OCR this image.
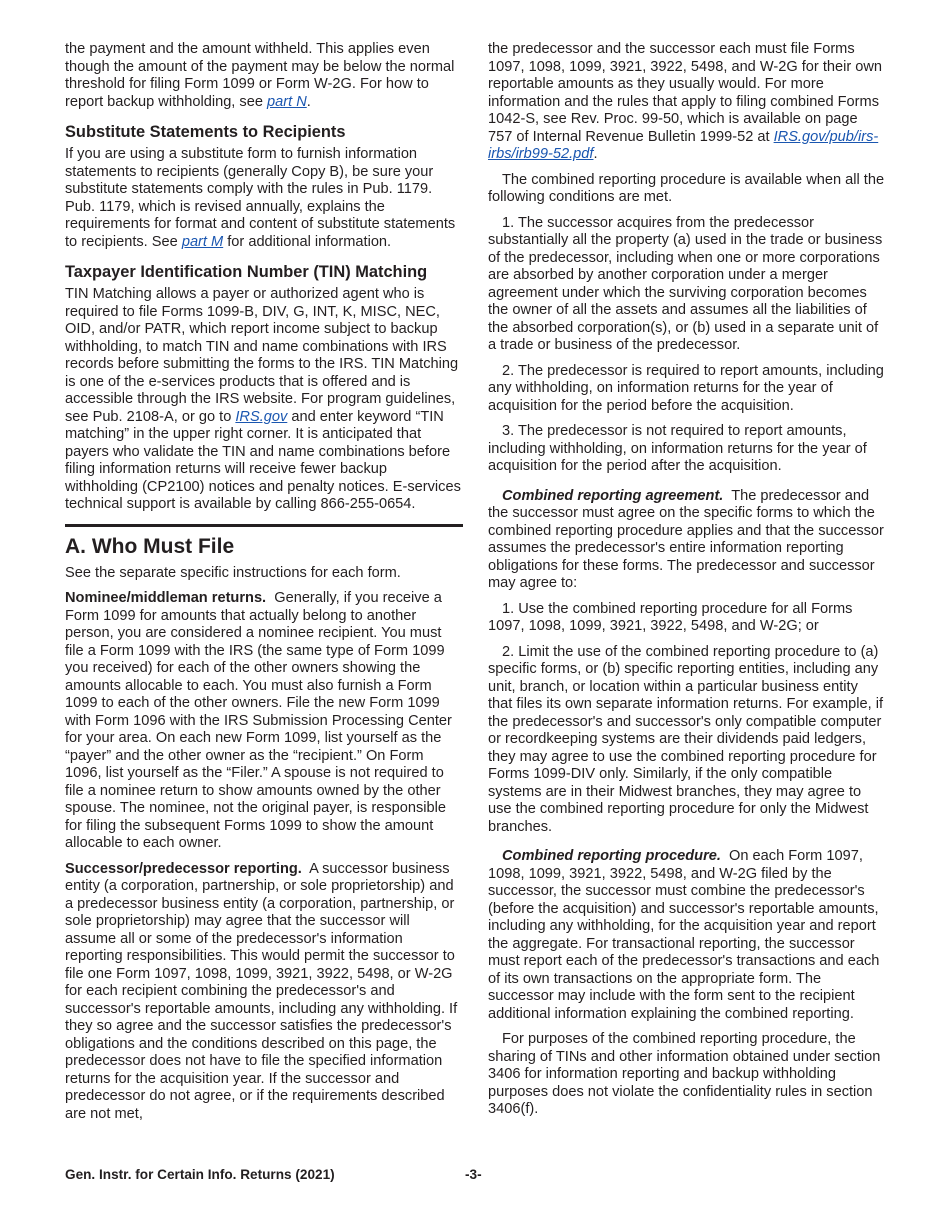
the payment and the amount withheld. This applies even though the amount of the payment may be below the normal threshold for filing Form 1099 or Form W-2G. For how to report backup withholding, see part N.

Substitute Statements to Recipients

If you are using a substitute form to furnish information statements to recipients (generally Copy B), be sure your substitute statements comply with the rules in Pub. 1179. Pub. 1179, which is revised annually, explains the requirements for format and content of substitute statements to recipients. See part M for additional information.

Taxpayer Identification Number (TIN) Matching

TIN Matching allows a payer or authorized agent who is required to file Forms 1099-B, DIV, G, INT, K, MISC, NEC, OID, and/or PATR, which report income subject to backup withholding, to match TIN and name combinations with IRS records before submitting the forms to the IRS. TIN Matching is one of the e-services products that is offered and is accessible through the IRS website. For program guidelines, see Pub. 2108-A, or go to IRS.gov and enter keyword “TIN matching” in the upper right corner. It is anticipated that payers who validate the TIN and name combinations before filing information returns will receive fewer backup withholding (CP2100) notices and penalty notices. E-services technical support is available by calling 866-255-0654.

A. Who Must File

See the separate specific instructions for each form.

Nominee/middleman returns. Generally, if you receive a Form 1099 for amounts that actually belong to another person, you are considered a nominee recipient. You must file a Form 1099 with the IRS (the same type of Form 1099 you received) for each of the other owners showing the amounts allocable to each. You must also furnish a Form 1099 to each of the other owners. File the new Form 1099 with Form 1096 with the IRS Submission Processing Center for your area. On each new Form 1099, list yourself as the “payer” and the other owner as the “recipient.” On Form 1096, list yourself as the “Filer.” A spouse is not required to file a nominee return to show amounts owned by the other spouse. The nominee, not the original payer, is responsible for filing the subsequent Forms 1099 to show the amount allocable to each owner.

Successor/predecessor reporting. A successor business entity (a corporation, partnership, or sole proprietorship) and a predecessor business entity (a corporation, partnership, or sole proprietorship) may agree that the successor will assume all or some of the predecessor's information reporting responsibilities. This would permit the successor to file one Form 1097, 1098, 1099, 3921, 3922, 5498, or W-2G for each recipient combining the predecessor's and successor's reportable amounts, including any withholding. If they so agree and the successor satisfies the predecessor's obligations and the conditions described on this page, the predecessor does not have to file the specified information returns for the acquisition year. If the successor and predecessor do not agree, or if the requirements described are not met,

the predecessor and the successor each must file Forms 1097, 1098, 1099, 3921, 3922, 5498, and W-2G for their own reportable amounts as they usually would. For more information and the rules that apply to filing combined Forms 1042-S, see Rev. Proc. 99-50, which is available on page 757 of Internal Revenue Bulletin 1999-52 at IRS.gov/pub/irs-irbs/irb99-52.pdf.

The combined reporting procedure is available when all the following conditions are met.

1. The successor acquires from the predecessor substantially all the property (a) used in the trade or business of the predecessor, including when one or more corporations are absorbed by another corporation under a merger agreement under which the surviving corporation becomes the owner of all the assets and assumes all the liabilities of the absorbed corporation(s), or (b) used in a separate unit of a trade or business of the predecessor.

2. The predecessor is required to report amounts, including any withholding, on information returns for the year of acquisition for the period before the acquisition.

3. The predecessor is not required to report amounts, including withholding, on information returns for the year of acquisition for the period after the acquisition.

Combined reporting agreement. The predecessor and the successor must agree on the specific forms to which the combined reporting procedure applies and that the successor assumes the predecessor's entire information reporting obligations for these forms. The predecessor and successor may agree to:

1. Use the combined reporting procedure for all Forms 1097, 1098, 1099, 3921, 3922, 5498, and W-2G; or

2. Limit the use of the combined reporting procedure to (a) specific forms, or (b) specific reporting entities, including any unit, branch, or location within a particular business entity that files its own separate information returns. For example, if the predecessor's and successor's only compatible computer or recordkeeping systems are their dividends paid ledgers, they may agree to use the combined reporting procedure for Forms 1099-DIV only. Similarly, if the only compatible systems are in their Midwest branches, they may agree to use the combined reporting procedure for only the Midwest branches.

Combined reporting procedure. On each Form 1097, 1098, 1099, 3921, 3922, 5498, and W-2G filed by the successor, the successor must combine the predecessor's (before the acquisition) and successor's reportable amounts, including any withholding, for the acquisition year and report the aggregate. For transactional reporting, the successor must report each of the predecessor's transactions and each of its own transactions on the appropriate form. The successor may include with the form sent to the recipient additional information explaining the combined reporting.

For purposes of the combined reporting procedure, the sharing of TINs and other information obtained under section 3406 for information reporting and backup withholding purposes does not violate the confidentiality rules in section 3406(f).

Gen. Instr. for Certain Info. Returns (2021)	-3-
